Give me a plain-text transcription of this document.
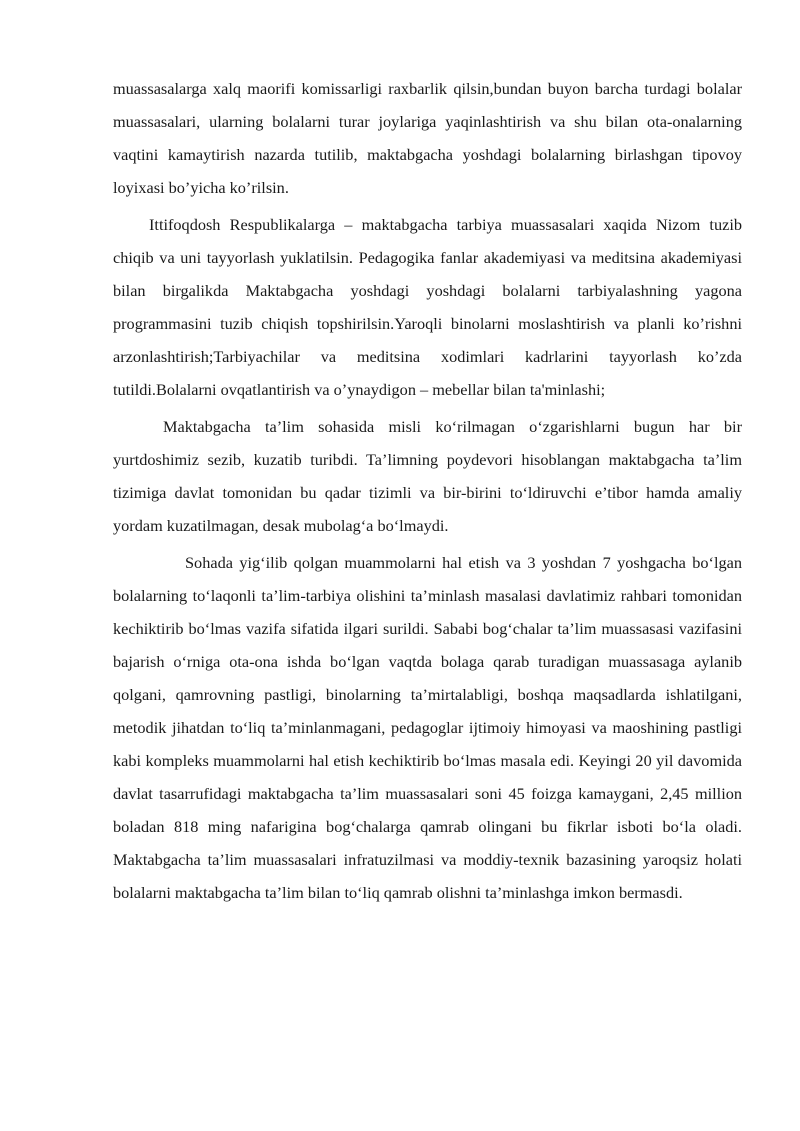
muassasalarga xalq maorifi komissarligi raxbarlik qilsin,bundan buyon barcha turdagi bolalar muassasalari, ularning bolalarni turar joylariga yaqinlashtirish va shu bilan ota-onalarning vaqtini kamaytirish nazarda tutilib, maktabgacha yoshdagi bolalarning birlashgan tipovoy loyixasi bo’yicha ko’rilsin.

Ittifoqdosh Respublikalarga – maktabgacha tarbiya muassasalari xaqida Nizom tuzib chiqib va uni tayyorlash yuklatilsin. Pedagogika fanlar akademiyasi va meditsina akademiyasi bilan birgalikda Maktabgacha yoshdagi yoshdagi bolalarni tarbiyalashning yagona programmasini tuzib chiqish topshirilsin.Yaroqli binolarni moslashtirish va planli ko’rishni arzonlashtirish;Tarbiyachilar va meditsina xodimlari kadrlarini tayyorlash ko’zda tutildi.Bolalarni ovqatlantirish va o’ynaydigon – mebellar bilan ta'minlashi;

Maktabgacha ta’lim sohasida misli ko‘rilmagan o‘zgarishlarni bugun har bir yurtdoshimiz sezib, kuzatib turibdi. Ta’limning poydevori hisoblangan maktabgacha ta’lim tizimiga davlat tomonidan bu qadar tizimli va bir-birini to‘ldiruvchi e’tibor hamda amaliy yordam kuzatilmagan, desak mubolag‘a bo‘lmaydi.

Sohada yig‘ilib qolgan muammolarni hal etish va 3 yoshdan 7 yoshgacha bo‘lgan bolalarning to‘laqonli ta’lim-tarbiya olishini ta’minlash masalasi davlatimiz rahbari tomonidan kechiktirib bo‘lmas vazifa sifatida ilgari surildi. Sababi bog‘chalar ta’lim muassasasi vazifasini bajarish o‘rniga ota-ona ishda bo‘lgan vaqtda bolaga qarab turadigan muassasaga aylanib qolgani, qamrovning pastligi, binolarning ta’mirtalabligi, boshqa maqsadlarda ishlatilgani, metodik jihatdan to‘liq ta’minlanmagani, pedagoglar ijtimoiy himoyasi va maoshining pastligi kabi kompleks muammolarni hal etish kechiktirib bo‘lmas masala edi. Keyingi 20 yil davomida davlat tasarrufidagi maktabgacha ta’lim muassasalari soni 45 foizga kamaygani, 2,45 million boladan 818 ming nafarigina bog‘chalarga qamrab olingani bu fikrlar isboti bo‘la oladi. Maktabgacha ta’lim muassasalari infratuzilmasi va moddiy-texnik bazasining yaroqsiz holati bolalarni maktabgacha ta’lim bilan to‘liq qamrab olishni ta’minlashga imkon bermasdi.
